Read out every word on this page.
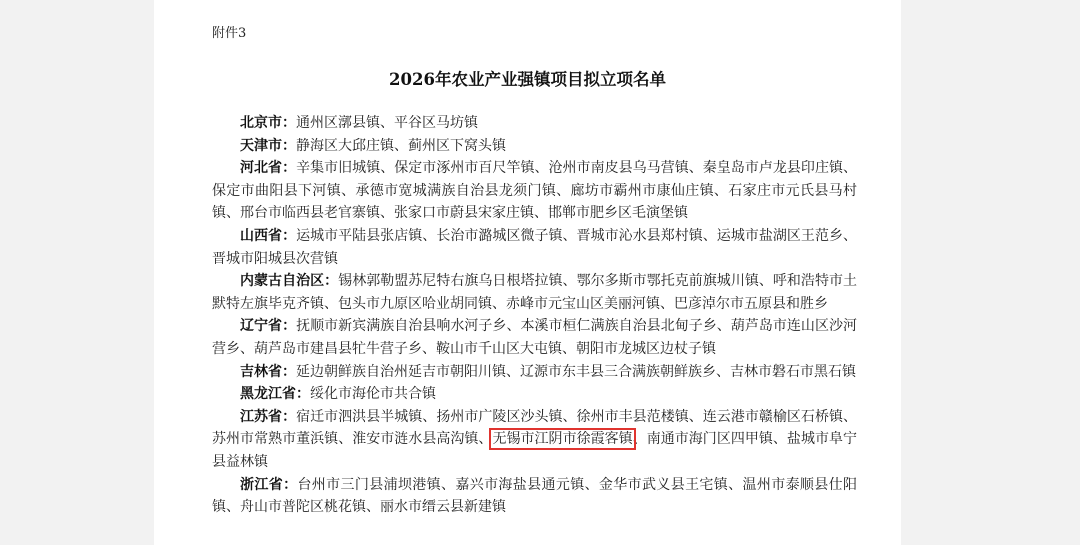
附件3

2026年农业产业强镇项目拟立项名单

北京市：通州区漷县镇、平谷区马坊镇

天津市：静海区大邱庄镇、蓟州区下窝头镇

河北省：辛集市旧城镇、保定市涿州市百尺竿镇、沧州市南皮县乌马营镇、秦皇岛市卢龙县印庄镇、保定市曲阳县下河镇、承德市宽城满族自治县龙须门镇、廊坊市霸州市康仙庄镇、石家庄市元氏县马村镇、邢台市临西县老官寨镇、张家口市蔚县宋家庄镇、邯郸市肥乡区毛演堡镇

山西省：运城市平陆县张店镇、长治市潞城区微子镇、晋城市沁水县郑村镇、运城市盐湖区王范乡、晋城市阳城县次营镇

内蒙古自治区：锡林郭勒盟苏尼特右旗乌日根塔拉镇、鄂尔多斯市鄂托克前旗城川镇、呼和浩特市土默特左旗毕克齐镇、包头市九原区哈业胡同镇、赤峰市元宝山区美丽河镇、巴彦淖尔市五原县和胜乡

辽宁省：抚顺市新宾满族自治县响水河子乡、本溪市桓仁满族自治县北甸子乡、葫芦岛市连山区沙河营乡、葫芦岛市建昌县牤牛营子乡、鞍山市千山区大屯镇、朝阳市龙城区边杖子镇

吉林省：延边朝鲜族自治州延吉市朝阳川镇、辽源市东丰县三合满族朝鲜族乡、吉林市磐石市黑石镇

黑龙江省：绥化市海伦市共合镇

江苏省：宿迁市泗洪县半城镇、扬州市广陵区沙头镇、徐州市丰县范楼镇、连云港市赣榆区石桥镇、苏州市常熟市董浜镇、淮安市涟水县高沟镇、无锡市江阴市徐霞客镇、南通市海门区四甲镇、盐城市阜宁县益林镇

浙江省：台州市三门县浦坝港镇、嘉兴市海盐县通元镇、金华市武义县王宅镇、温州市泰顺县仕阳镇、舟山市普陀区桃花镇、丽水市缙云县新建镇
